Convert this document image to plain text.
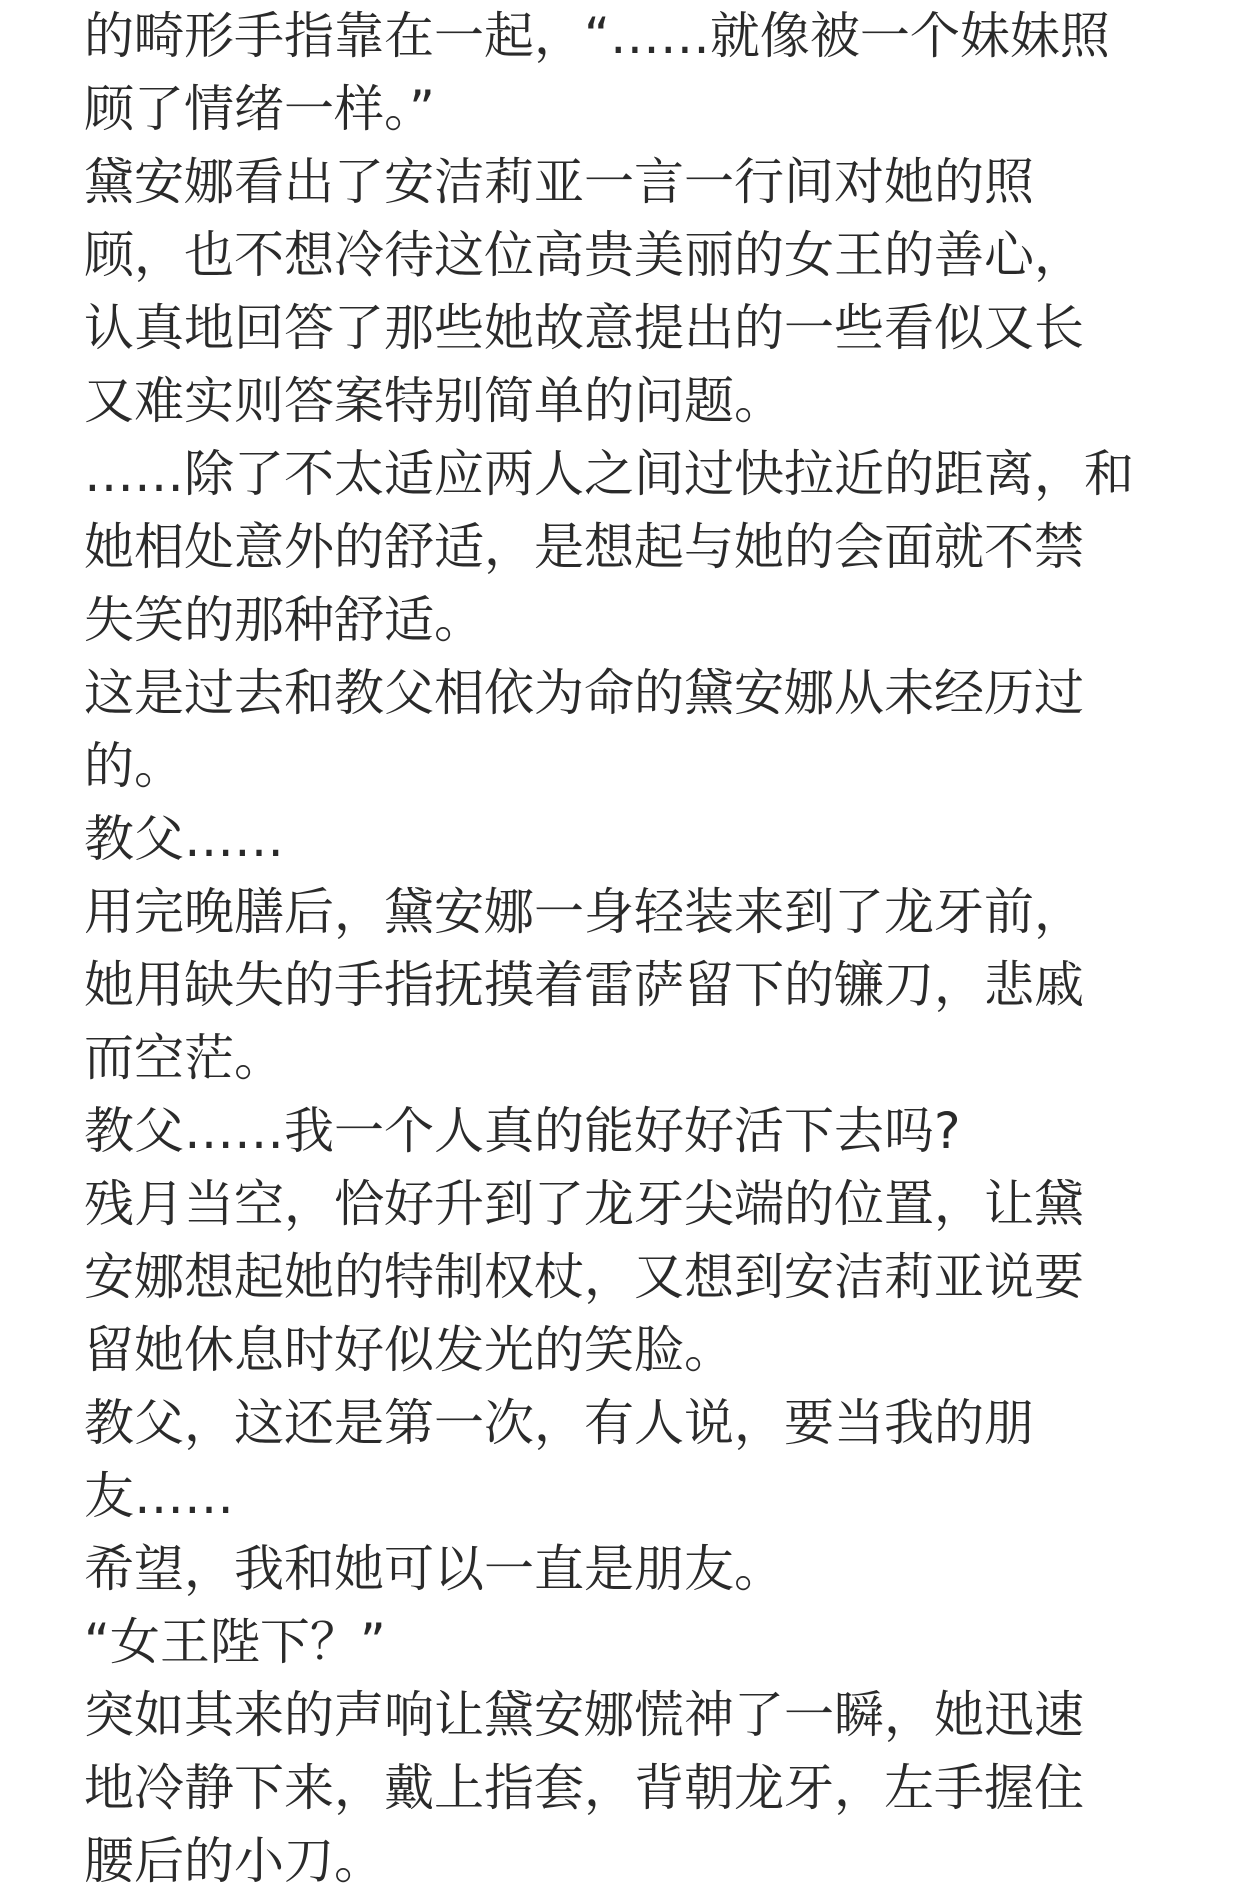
的畸形手指靠在一起，“……就像被一个妹妹照
顾了情绪一样。”
黛安娜看出了安洁莉亚一言一行间对她的照
顾，也不想冷待这位高贵美丽的女王的善心，
认真地回答了那些她故意提出的一些看似又长
又难实则答案特别简单的问题。
……除了不太适应两人之间过快拉近的距离，和
她相处意外的舒适，是想起与她的会面就不禁
失笑的那种舒适。
这是过去和教父相依为命的黛安娜从未经历过
的。
教父……
用完晚膳后，黛安娜一身轻装来到了龙牙前，
她用缺失的手指抚摸着雷萨留下的镰刀，悲戚
而空茫。
教父……我一个人真的能好好活下去吗?
残月当空，恰好升到了龙牙尖端的位置，让黛
安娜想起她的特制权杖，又想到安洁莉亚说要
留她休息时好似发光的笑脸。
教父，这还是第一次，有人说，要当我的朋
友……
希望，我和她可以一直是朋友。
“女王陛下？”
突如其来的声响让黛安娜慌神了一瞬，她迅速
地冷静下来，戴上指套，背朝龙牙，左手握住
腰后的小刀。
